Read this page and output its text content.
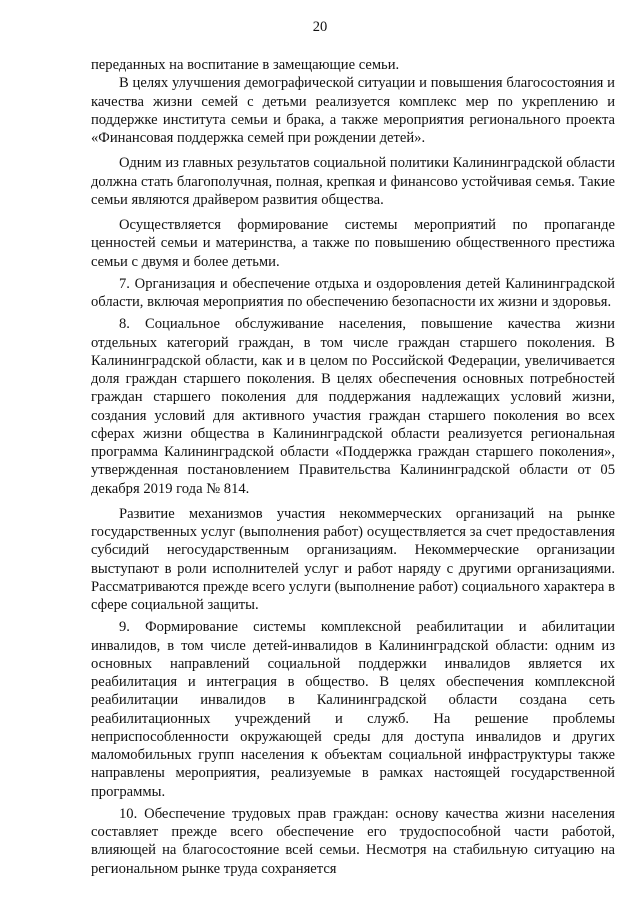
20

переданных на воспитание в замещающие семьи.

В целях улучшения демографической ситуации и повышения благосостояния и качества жизни семей с детьми реализуется комплекс мер по укреплению и поддержке института семьи и брака, а также мероприятия регионального проекта «Финансовая поддержка семей при рождении детей».

Одним из главных результатов социальной политики Калининградской области должна стать благополучная, полная, крепкая и финансово устойчивая семья. Такие семьи являются драйвером развития общества.

Осуществляется формирование системы мероприятий по пропаганде ценностей семьи и материнства, а также по повышению общественного престижа семьи с двумя и более детьми.

7. Организация и обеспечение отдыха и оздоровления детей Калининградской области, включая мероприятия по обеспечению безопасности их жизни и здоровья.

8. Социальное обслуживание населения, повышение качества жизни отдельных категорий граждан, в том числе граждан старшего поколения. В Калининградской области, как и в целом по Российской Федерации, увеличивается доля граждан старшего поколения. В целях обеспечения основных потребностей граждан старшего поколения для поддержания надлежащих условий жизни, создания условий для активного участия граждан старшего поколения во всех сферах жизни общества в Калининградской области реализуется региональная программа Калининградской области «Поддержка граждан старшего поколения», утвержденная постановлением Правительства Калининградской области от 05 декабря 2019 года № 814.

Развитие механизмов участия некоммерческих организаций на рынке государственных услуг (выполнения работ) осуществляется за счет предоставления субсидий негосударственным организациям. Некоммерческие организации выступают в роли исполнителей услуг и работ наряду с другими организациями. Рассматриваются прежде всего услуги (выполнение работ) социального характера в сфере социальной защиты.

9. Формирование системы комплексной реабилитации и абилитации инвалидов, в том числе детей-инвалидов в Калининградской области: одним из основных направлений социальной поддержки инвалидов является их реабилитация и интеграция в общество. В целях обеспечения комплексной реабилитации инвалидов в Калининградской области создана сеть реабилитационных учреждений и служб. На решение проблемы неприспособленности окружающей среды для доступа инвалидов и других маломобильных групп населения к объектам социальной инфраструктуры также направлены мероприятия, реализуемые в рамках настоящей государственной программы.

10. Обеспечение трудовых прав граждан: основу качества жизни населения составляет прежде всего обеспечение его трудоспособной части работой, влияющей на благосостояние всей семьи. Несмотря на стабильную ситуацию на региональном рынке труда сохраняется
